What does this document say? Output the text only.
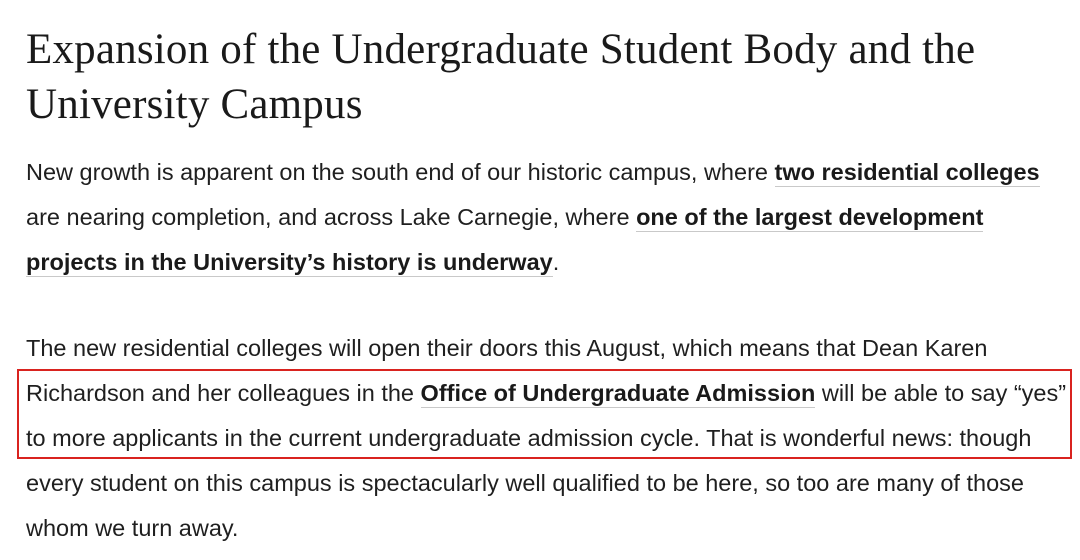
Expansion of the Undergraduate Student Body and the University Campus

New growth is apparent on the south end of our historic campus, where two residential colleges are nearing completion, and across Lake Carnegie, where one of the largest development projects in the University’s history is underway.

The new residential colleges will open their doors this August, which means that Dean Karen Richardson and her colleagues in the Office of Undergraduate Admission will be able to say “yes” to more applicants in the current undergraduate admission cycle. That is wonderful news: though every student on this campus is spectacularly well qualified to be here, so too are many of those whom we turn away.
